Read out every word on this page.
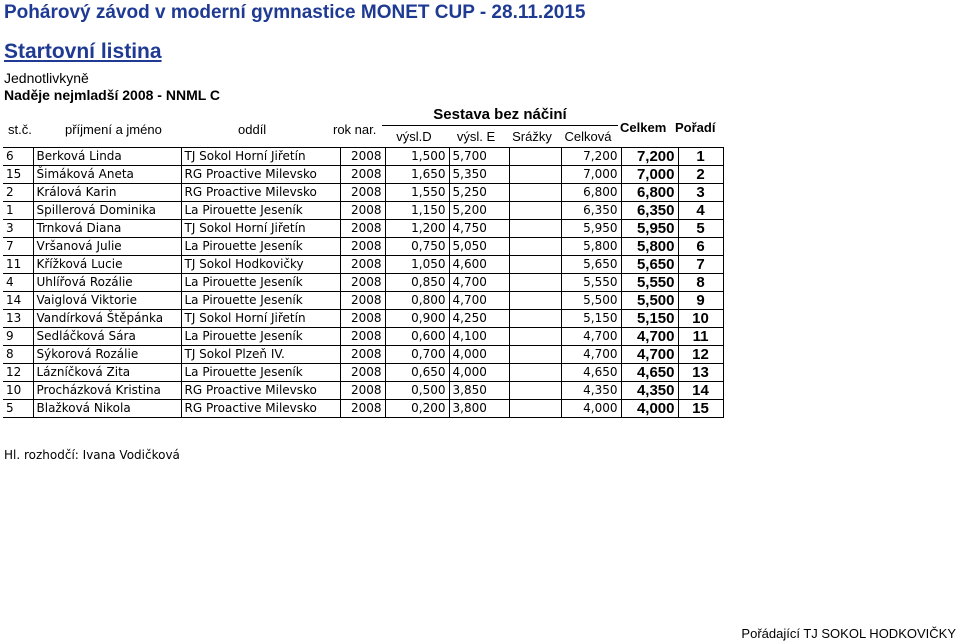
Pohárový závod v moderní gymnastice MONET CUP - 28.11.2015
Startovní listina
Jednotlivkyně
Naděje nejmladší 2008 - NNML C
st.č.	příjmení a jméno	oddíl	rok nar.
Sestava bez náčiní
výsl.D	výsl. E	Srážky Celková
Celkem Pořadí
6	Berková Linda	TJ Sokol Horní Jiřetín	2008	1,500	5,700		7,200	7,200	1
15	Šimáková Aneta	RG Proactive Milevsko	2008	1,650	5,350		7,000	7,000	2
2	Králová Karin	RG Proactive Milevsko	2008	1,550	5,250		6,800	6,800	3
1	Spillerová Dominika	La Pirouette Jeseník	2008	1,150	5,200		6,350	6,350	4
3	Trnková Diana	TJ Sokol Horní Jiřetín	2008	1,200	4,750		5,950	5,950	5
7	Vršanová Julie	La Pirouette Jeseník	2008	0,750	5,050		5,800	5,800	6
11	Křížková Lucie	TJ Sokol Hodkovičky	2008	1,050	4,600		5,650	5,650	7
4	Uhlířová Rozálie	La Pirouette Jeseník	2008	0,850	4,700		5,550	5,550	8
14	Vaiglová Viktorie	La Pirouette Jeseník	2008	0,800	4,700		5,500	5,500	9
13	Vandírková Štěpánka	TJ Sokol Horní Jiřetín	2008	0,900	4,250		5,150	5,150	10
9	Sedláčková Sára	La Pirouette Jeseník	2008	0,600	4,100		4,700	4,700	11
8	Sýkorová Rozálie	TJ Sokol Plzeň IV.	2008	0,700	4,000		4,700	4,700	12
12	Lázníčková Zita	La Pirouette Jeseník	2008	0,650	4,000		4,650	4,650	13
10	Procházková Kristina	RG Proactive Milevsko	2008	0,500	3,850		4,350	4,350	14
5	Blažková Nikola	RG Proactive Milevsko	2008	0,200	3,800		4,000	4,000	15
Hl. rozhodčí: Ivana Vodičková
Pořádající TJ SOKOL HODKOVIČKY
